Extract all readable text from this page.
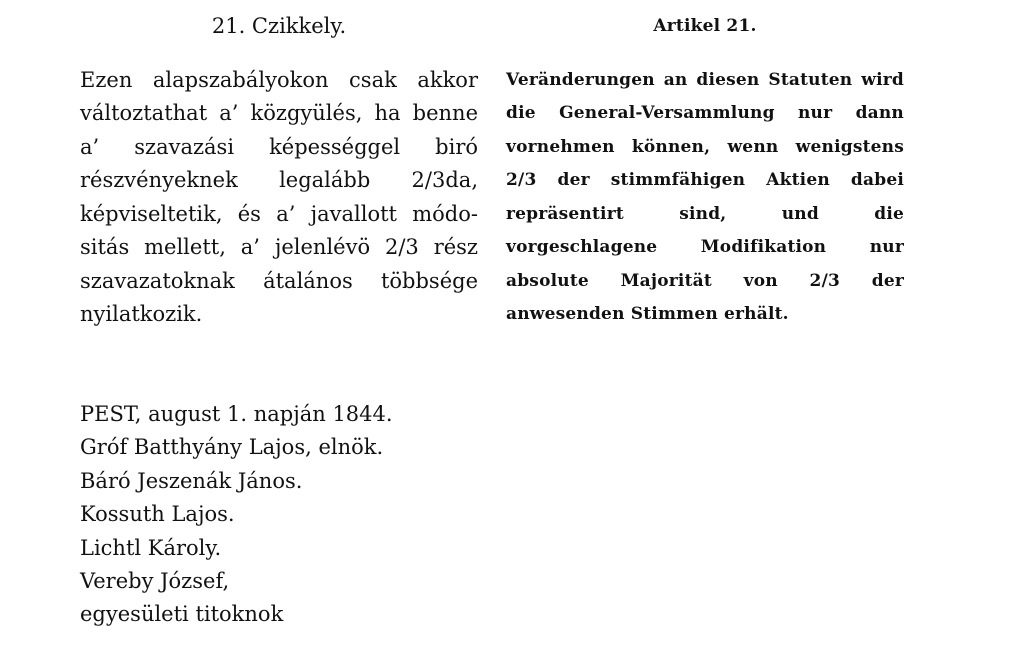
21. Czikkely.

Ezen alapszabályokon csak akkor változtathat a’ közgyülés, ha benne a’ szavazási képességgel biró részvényeknek legalább 2/3da, képviseltetik, és a’ javallott módositás mellett, a’ jelenlévö 2/3 rész szavazatoknak átalános többsége nyilatkozik.

Artikel 21.

Veränderungen an diesen Statuten wird die General-Versammlung nur dann vornehmen können, wenn wenigstens 2/3 der stimmfähigen Aktien dabei repräsentirt sind, und die vorgeschlagene Modifikation nur absolute Majorität von 2/3 der anwesenden Stimmen erhält.

PEST, august 1. napján 1844.
Gróf Batthyány Lajos, elnök.
Báró Jeszenák János.
Kossuth Lajos.
Lichtl Károly.
Vereby József,
egyesületi titoknok
